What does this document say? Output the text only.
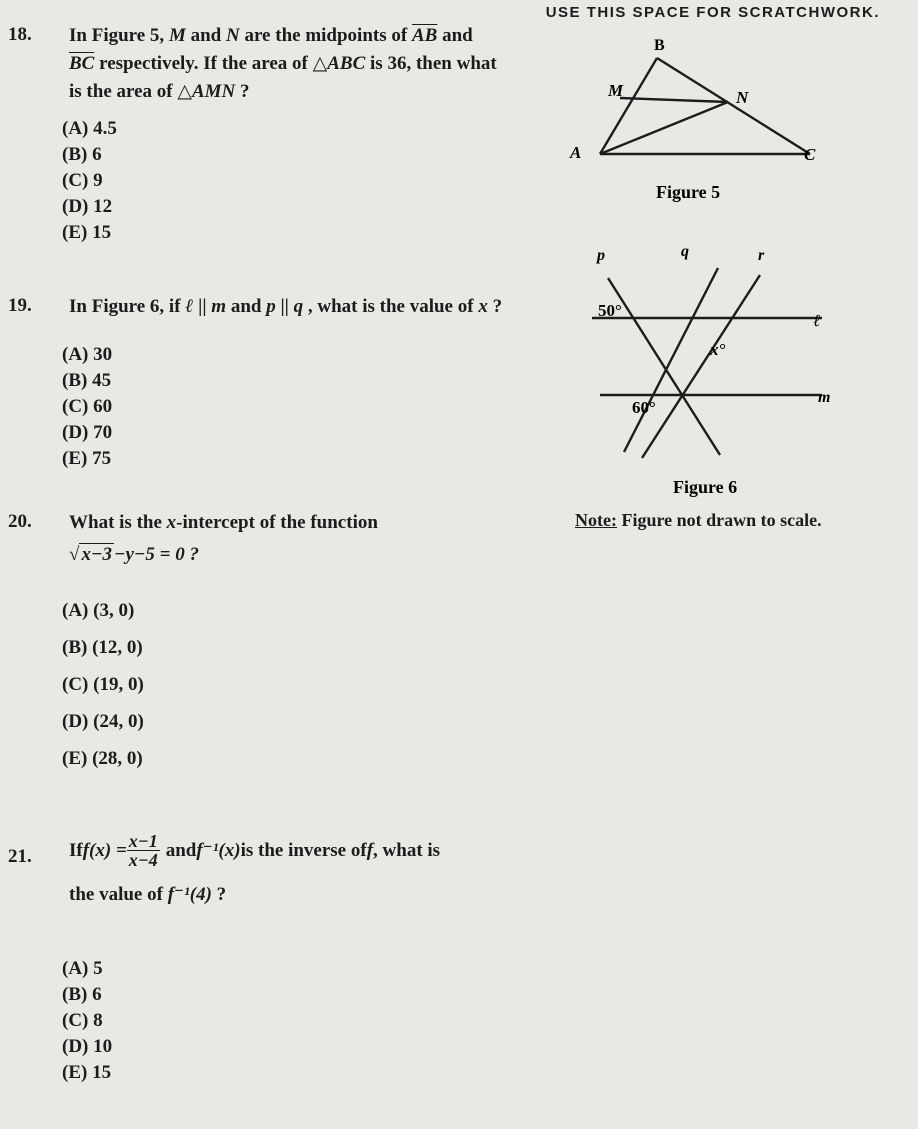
USE THIS SPACE FOR SCRATCHWORK.
18. In Figure 5, M and N are the midpoints of $\overline{AB}$ and
$\overline{BC}$ respectively. If the area of △ABC is 36, then what
is the area of △AMN ?
(A) 4.5
(B) 6
(C) 9
(D) 12
(E) 15
B
M	N
A	C
Figure 5
19. In Figure 6, if ℓ || m and p || q , what is the value of x ?
(A) 30
(B) 45
(C) 60
(D) 70
(E) 75
p	q	r
ℓ
m
50°
x°
60°
Figure 6
Note: Figure not drawn to scale.
20. What is the x-intercept of the function
√ x−3 −y−5 = 0 ?
(A) (3, 0)
(B) (12, 0)
(C) (19, 0)
(D) (24, 0)
(E) (28, 0)
21. If $f(x) = \frac{x-1}{x-4}$ and f⁻¹(x) is the inverse of f , what is
the value of f⁻¹(4) ?
(A) 5
(B) 6
(C) 8
(D) 10
(E) 15
